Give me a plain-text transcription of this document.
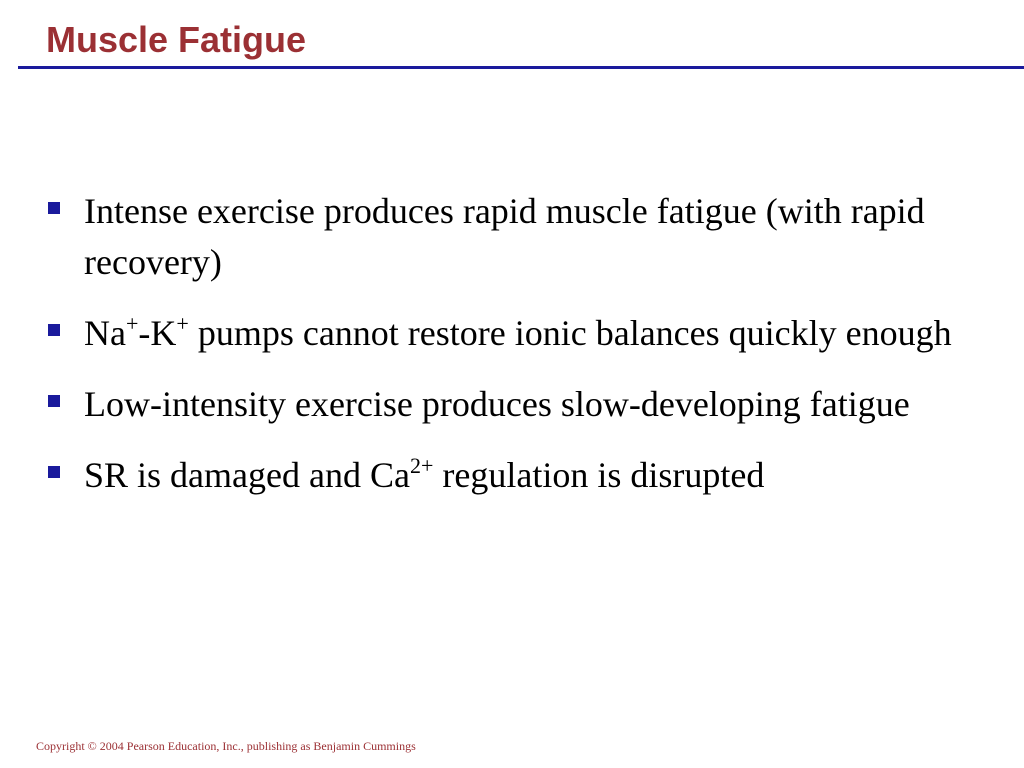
Muscle Fatigue
Intense exercise produces rapid muscle fatigue (with rapid recovery)
Na+-K+ pumps cannot restore ionic balances quickly enough
Low-intensity exercise produces slow-developing fatigue
SR is damaged and $Ca^{2+}$ regulation is disrupted

Copyright © 2004 Pearson Education, Inc., publishing as Benjamin Cummings
